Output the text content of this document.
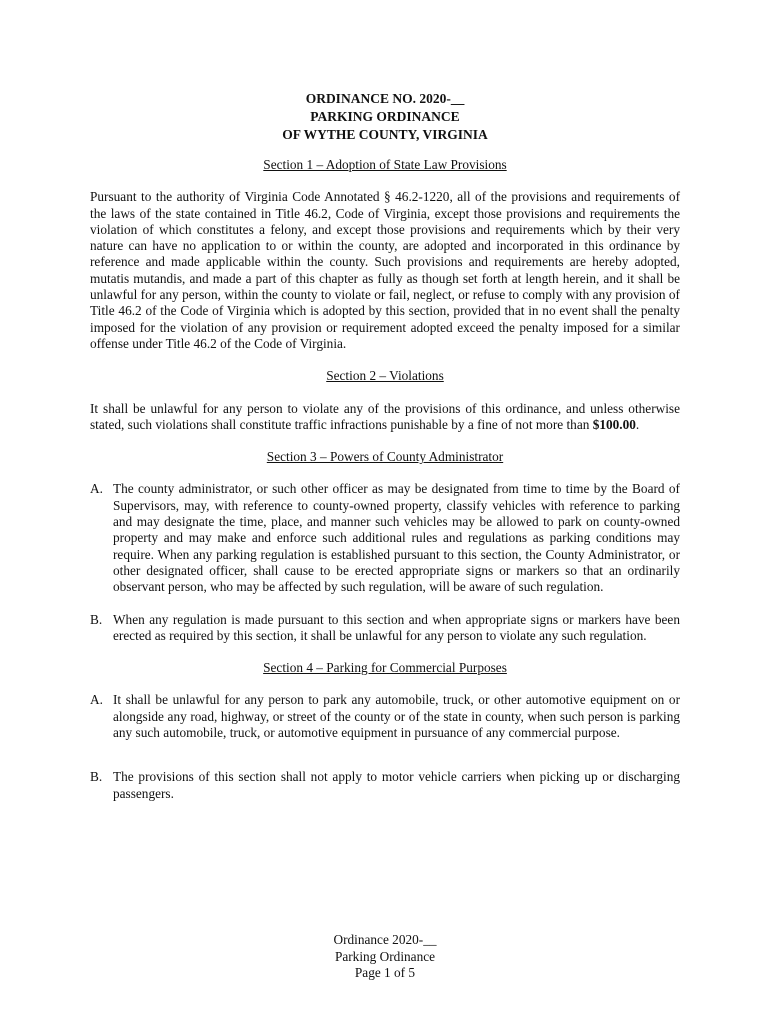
ORDINANCE NO. 2020-__
PARKING ORDINANCE
OF WYTHE COUNTY, VIRGINIA
Section 1 – Adoption of State Law Provisions

Pursuant to the authority of Virginia Code Annotated § 46.2-1220, all of the provisions and requirements of the laws of the state contained in Title 46.2, Code of Virginia, except those provisions and requirements the violation of which constitutes a felony, and except those provisions and requirements which by their very nature can have no application to or within the county, are adopted and incorporated in this ordinance by reference and made applicable within the county. Such provisions and requirements are hereby adopted, mutatis mutandis, and made a part of this chapter as fully as though set forth at length herein, and it shall be unlawful for any person, within the county to violate or fail, neglect, or refuse to comply with any provision of Title 46.2 of the Code of Virginia which is adopted by this section, provided that in no event shall the penalty imposed for the violation of any provision or requirement adopted exceed the penalty imposed for a similar offense under Title 46.2 of the Code of Virginia.

Section 2 – Violations

It shall be unlawful for any person to violate any of the provisions of this ordinance, and unless otherwise stated, such violations shall constitute traffic infractions punishable by a fine of not more than $100.00.

Section 3 – Powers of County Administrator
A. The county administrator, or such other officer as may be designated from time to time by the Board of Supervisors, may, with reference to county-owned property, classify vehicles with reference to parking and may designate the time, place, and manner such vehicles may be allowed to park on county-owned property and may make and enforce such additional rules and regulations as parking conditions may require. When any parking regulation is established pursuant to this section, the County Administrator, or other designated officer, shall cause to be erected appropriate signs or markers so that an ordinarily observant person, who may be affected by such regulation, will be aware of such regulation.
B. When any regulation is made pursuant to this section and when appropriate signs or markers have been erected as required by this section, it shall be unlawful for any person to violate any such regulation.
Section 4 – Parking for Commercial Purposes
A. It shall be unlawful for any person to park any automobile, truck, or other automotive equipment on or alongside any road, highway, or street of the county or of the state in county, when such person is parking any such automobile, truck, or automotive equipment in pursuance of any commercial purpose.
B. The provisions of this section shall not apply to motor vehicle carriers when picking up or discharging passengers.
Ordinance 2020-__
Parking Ordinance
Page 1 of 5
